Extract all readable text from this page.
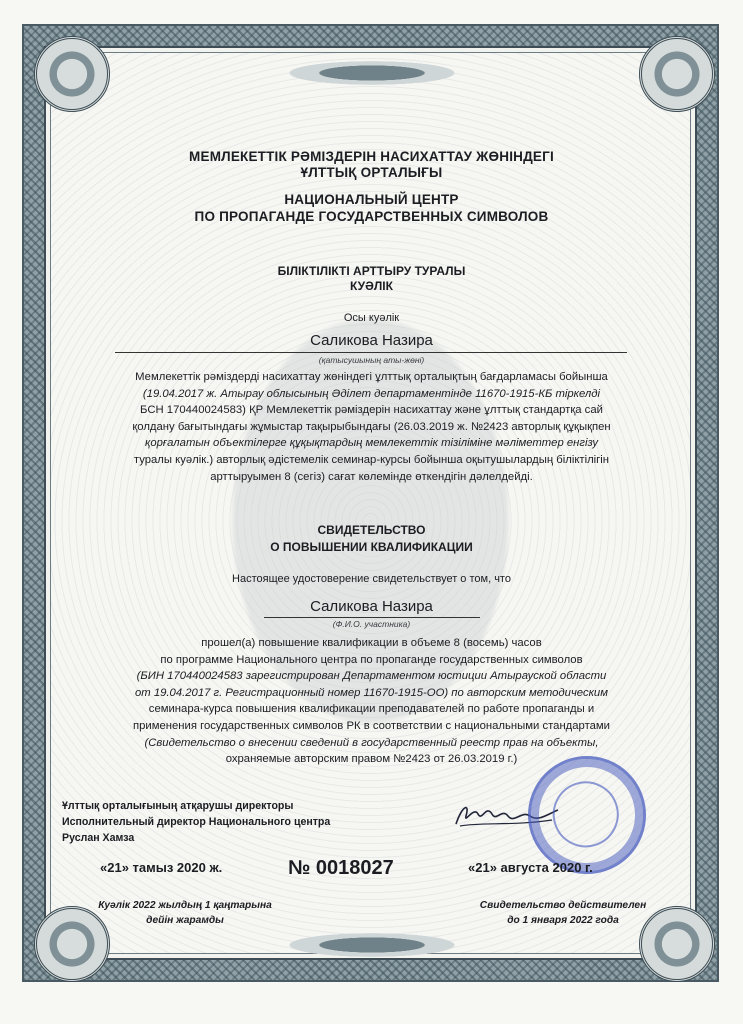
МЕМЛЕКЕТТІК РӘМІЗДЕРІН НАСИХАТТАУ ЖӨНІНДЕГІ

ҰЛТТЫҚ ОРТАЛЫҒЫ

НАЦИОНАЛЬНЫЙ ЦЕНТР

ПО ПРОПАГАНДЕ ГОСУДАРСТВЕННЫХ СИМВОЛОВ

БІЛІКТІЛІКТІ АРТТЫРУ ТУРАЛЫ

КУӘЛІК

Осы куәлік

Саликова Назира

(қатысушының аты-жөні)

Мемлекеттік рәміздерді насихаттау жөніндегі ұлттық орталықтың бағдарламасы бойынша

(19.04.2017 ж. Атырау облысының Әділет департаментінде 11670-1915-КБ тіркелді

БСН 170440024583) ҚР Мемлекеттік рәміздерін насихаттау және ұлттық стандартқа сай

қолдану бағытындағы жұмыстар тақырыбындағы (26.03.2019 ж. №2423 авторлық құқықпен

қорғалатын объектілерге құқықтардың мемлекеттік тізіліміне мәліметтер енгізу

туралы куәлік.) авторлық әдістемелік семинар-курсы бойынша оқытушылардың біліктілігін

арттыруымен 8 (сегіз) сағат көлемінде өткендігін дәлелдейді.

СВИДЕТЕЛЬСТВО

О ПОВЫШЕНИИ КВАЛИФИКАЦИИ

Настоящее удостоверение свидетельствует о том, что

Саликова Назира

(Ф.И.О. участника)

прошел(а) повышение квалификации в объеме 8 (восемь) часов

по программе Национального центра по пропаганде государственных символов

(БИН 170440024583 зарегистрирован Департаментом юстиции Атырауской области

от 19.04.2017 г. Регистрационный номер 11670-1915-ОО) по авторским методическим

семинара-курса повышения квалификации преподавателей по работе пропаганды и

применения государственных символов РК в соответствии с национальными стандартами

(Свидетельство о внесении сведений в государственный реестр прав на объекты,

охраняемые авторским правом №2423 от 26.03.2019 г.)

Ұлттық орталығының атқарушы директоры
Исполнительный директор Национального центра
Руслан Хамза
«21» тамыз 2020 ж.	№ 0018027	«21» августа 2020 г.
Куәлік 2022 жылдың 1 қаңтарына
дейін жарамды
Свидетельство действителен
до 1 января 2022 года
